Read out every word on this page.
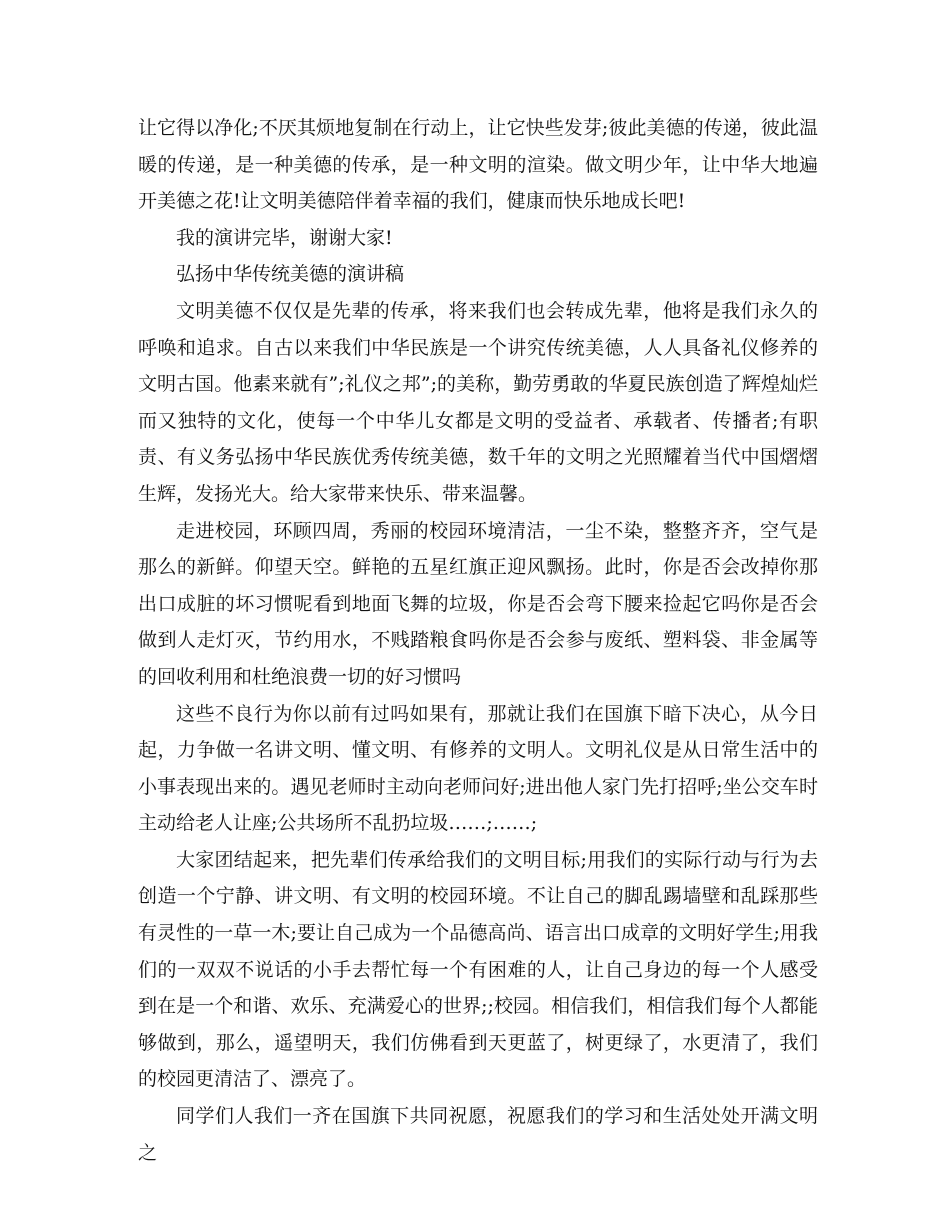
让它得以净化;不厌其烦地复制在行动上，让它快些发芽;彼此美德的传递，彼此温暖的传递，是一种美德的传承，是一种文明的渲染。做文明少年，让中华大地遍开美德之花!让文明美德陪伴着幸福的我们，健康而快乐地成长吧!

我的演讲完毕，谢谢大家!

弘扬中华传统美德的演讲稿

文明美德不仅仅是先辈的传承，将来我们也会转成先辈，他将是我们永久的呼唤和追求。自古以来我们中华民族是一个讲究传统美德，人人具备礼仪修养的文明古国。他素来就有”;礼仪之邦”;的美称，勤劳勇敢的华夏民族创造了辉煌灿烂而又独特的文化，使每一个中华儿女都是文明的受益者、承载者、传播者;有职责、有义务弘扬中华民族优秀传统美德，数千年的文明之光照耀着当代中国熠熠生辉，发扬光大。给大家带来快乐、带来温馨。

走进校园，环顾四周，秀丽的校园环境清洁，一尘不染，整整齐齐，空气是那么的新鲜。仰望天空。鲜艳的五星红旗正迎风飘扬。此时，你是否会改掉你那出口成脏的坏习惯呢看到地面飞舞的垃圾，你是否会弯下腰来捡起它吗你是否会做到人走灯灭，节约用水，不贱踏粮食吗你是否会参与废纸、塑料袋、非金属等的回收利用和杜绝浪费一切的好习惯吗

这些不良行为你以前有过吗如果有，那就让我们在国旗下暗下决心，从今日起，力争做一名讲文明、懂文明、有修养的文明人。文明礼仪是从日常生活中的小事表现出来的。遇见老师时主动向老师问好;进出他人家门先打招呼;坐公交车时主动给老人让座;公共场所不乱扔垃圾……;……;

大家团结起来，把先辈们传承给我们的文明目标;用我们的实际行动与行为去创造一个宁静、讲文明、有文明的校园环境。不让自己的脚乱踢墙壁和乱踩那些有灵性的一草一木;要让自己成为一个品德高尚、语言出口成章的文明好学生;用我们的一双双不说话的小手去帮忙每一个有困难的人，让自己身边的每一个人感受到在是一个和谐、欢乐、充满爱心的世界;;校园。相信我们，相信我们每个人都能够做到，那么，遥望明天，我们仿佛看到天更蓝了，树更绿了，水更清了，我们的校园更清洁了、漂亮了。

同学们人我们一齐在国旗下共同祝愿，祝愿我们的学习和生活处处开满文明之
